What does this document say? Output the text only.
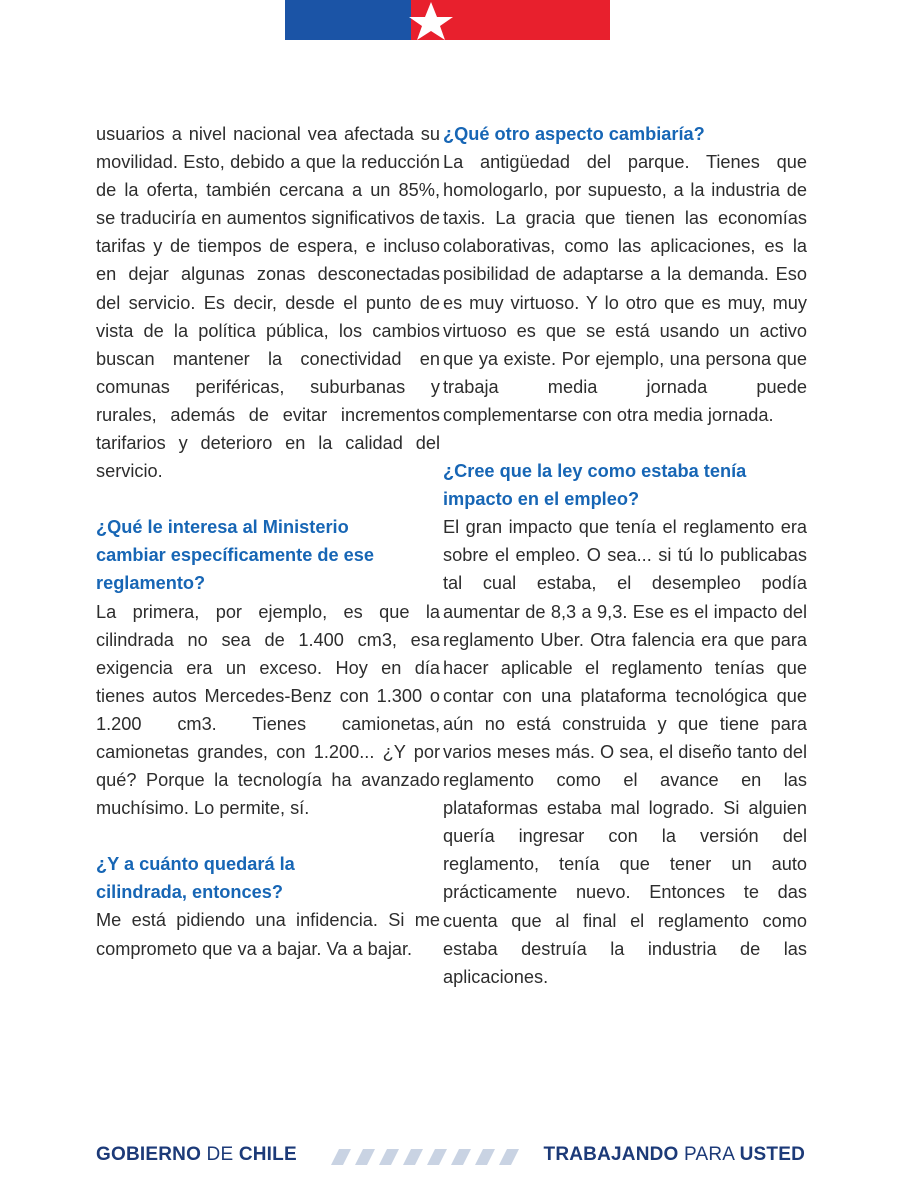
usuarios a nivel nacional vea afectada su movilidad. Esto, debido a que la reducción de la oferta, también cercana a un 85%, se traduciría en aumentos significativos de tarifas y de tiempos de espera, e incluso en dejar algunas zonas desconectadas del servicio. Es decir, desde el punto de vista de la política pública, los cambios buscan mantener la conectividad en comunas periféricas, suburbanas y rurales, además de evitar incrementos tarifarios y deterioro en la calidad del servicio.

¿Qué le interesa al Ministerio cambiar específicamente de ese reglamento?

La primera, por ejemplo, es que la cilindrada no sea de 1.400 cm3, esa exigencia era un exceso. Hoy en día tienes autos Mercedes-Benz con 1.300 o 1.200 cm3. Tienes camionetas, camionetas grandes, con 1.200... ¿Y por qué? Porque la tecnología ha avanzado muchísimo. Lo permite, sí.

¿Y a cuánto quedará la cilindrada, entonces?

Me está pidiendo una infidencia. Si me comprometo que va a bajar. Va a bajar.

¿Qué otro aspecto cambiaría?

La antigüedad del parque. Tienes que homologarlo, por supuesto, a la industria de taxis. La gracia que tienen las economías colaborativas, como las aplicaciones, es la posibilidad de adaptarse a la demanda. Eso es muy virtuoso. Y lo otro que es muy, muy virtuoso es que se está usando un activo que ya existe. Por ejemplo, una persona que trabaja media jornada puede complementarse con otra media jornada.

¿Cree que la ley como estaba tenía impacto en el empleo?

El gran impacto que tenía el reglamento era sobre el empleo. O sea... si tú lo publicabas tal cual estaba, el desempleo podía aumentar de 8,3 a 9,3. Ese es el impacto del reglamento Uber. Otra falencia era que para hacer aplicable el reglamento tenías que contar con una plataforma tecnológica que aún no está construida y que tiene para varios meses más. O sea, el diseño tanto del reglamento como el avance en las plataformas estaba mal logrado. Si alguien quería ingresar con la versión del reglamento, tenía que tener un auto prácticamente nuevo. Entonces te das cuenta que al final el reglamento como estaba destruía la industria de las aplicaciones.

GOBIERNO DE CHILE	TRABAJANDO PARA USTED
